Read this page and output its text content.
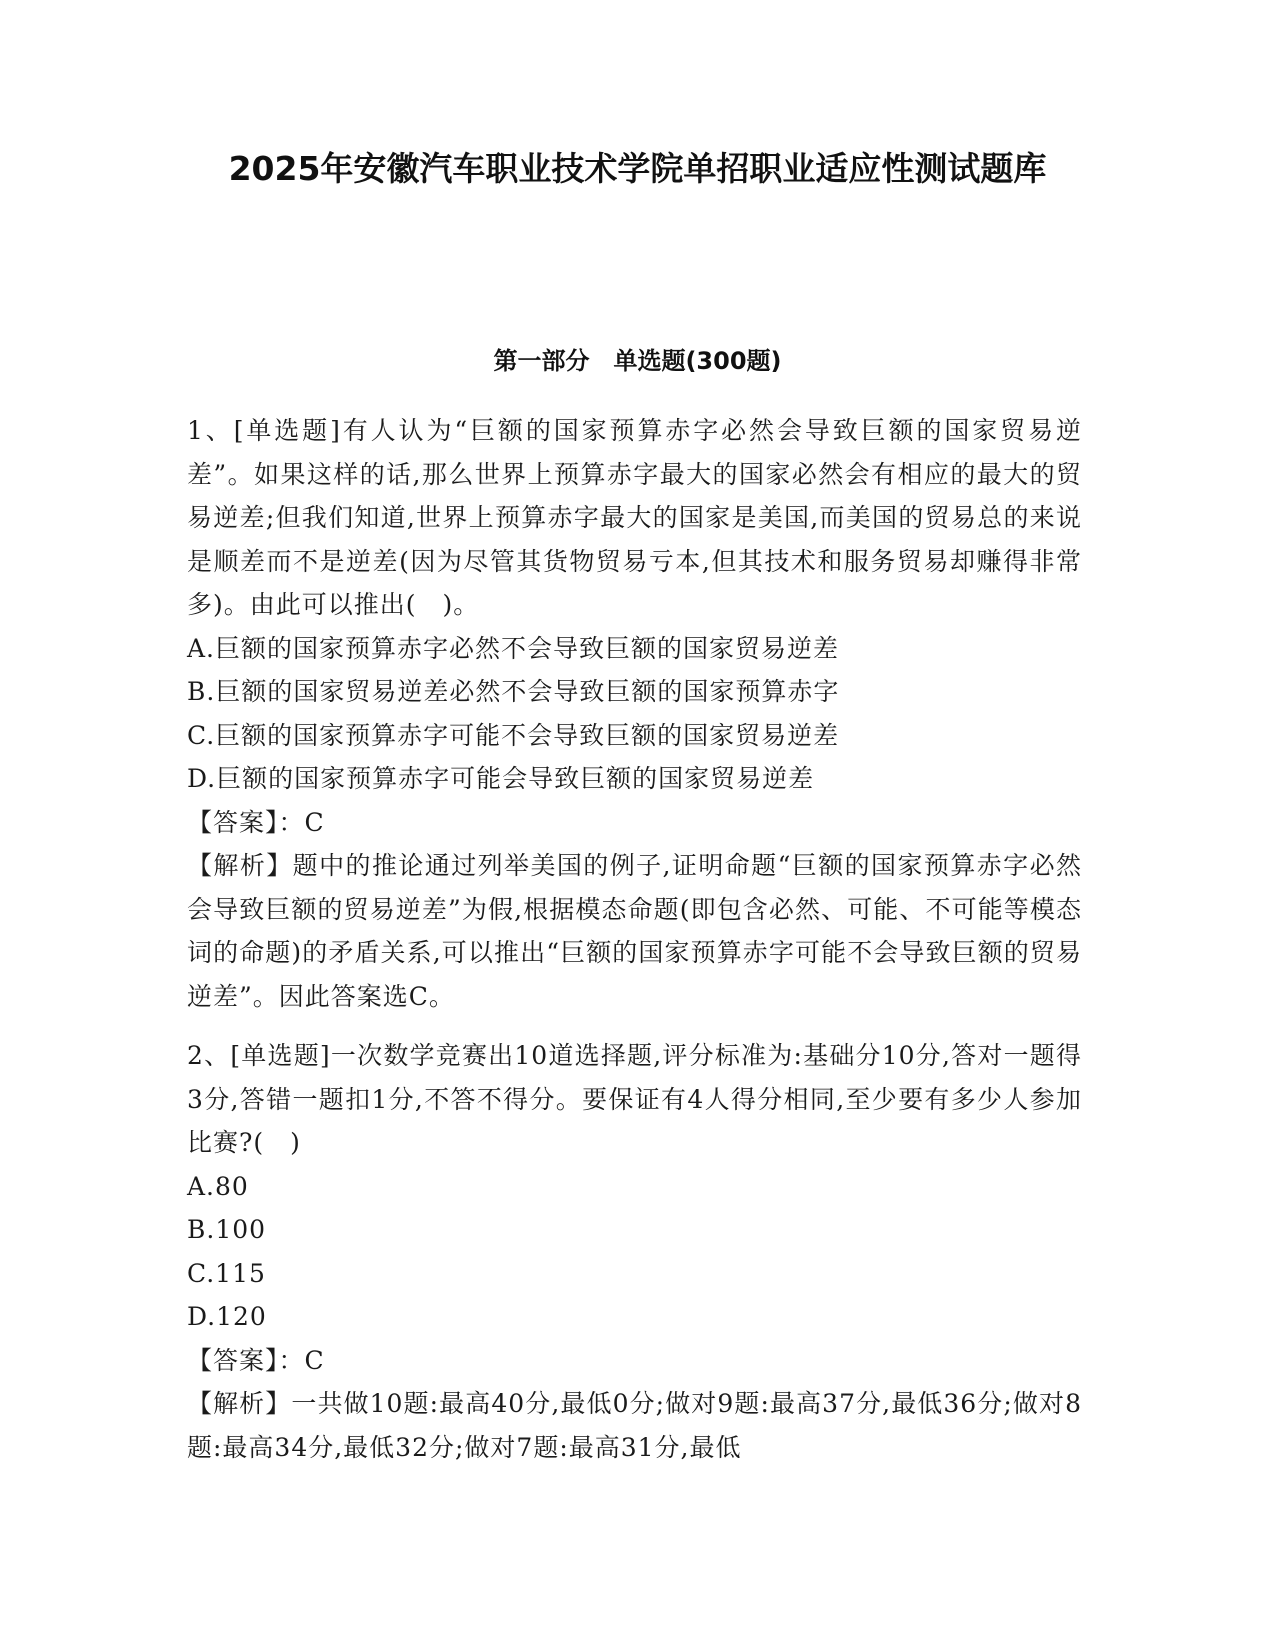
2025年安徽汽车职业技术学院单招职业适应性测试题库
第一部分　单选题(300题)
1、[单选题]有人认为“巨额的国家预算赤字必然会导致巨额的国家贸易逆差”。如果这样的话,那么世界上预算赤字最大的国家必然会有相应的最大的贸易逆差;但我们知道,世界上预算赤字最大的国家是美国,而美国的贸易总的来说是顺差而不是逆差(因为尽管其货物贸易亏本,但其技术和服务贸易却赚得非常多)。由此可以推出(　)。
A.巨额的国家预算赤字必然不会导致巨额的国家贸易逆差
B.巨额的国家贸易逆差必然不会导致巨额的国家预算赤字
C.巨额的国家预算赤字可能不会导致巨额的国家贸易逆差
D.巨额的国家预算赤字可能会导致巨额的国家贸易逆差
【答案】：C
【解析】题中的推论通过列举美国的例子,证明命题“巨额的国家预算赤字必然会导致巨额的贸易逆差”为假,根据模态命题(即包含必然、可能、不可能等模态词的命题)的矛盾关系,可以推出“巨额的国家预算赤字可能不会导致巨额的贸易逆差”。因此答案选C。
2、[单选题]一次数学竞赛出10道选择题,评分标准为:基础分10分,答对一题得3分,答错一题扣1分,不答不得分。要保证有4人得分相同,至少要有多少人参加比赛?(　)
A.80
B.100
C.115
D.120
【答案】：C
【解析】一共做10题:最高40分,最低0分;做对9题:最高37分,最低36分;做对8题:最高34分,最低32分;做对7题:最高31分,最低
